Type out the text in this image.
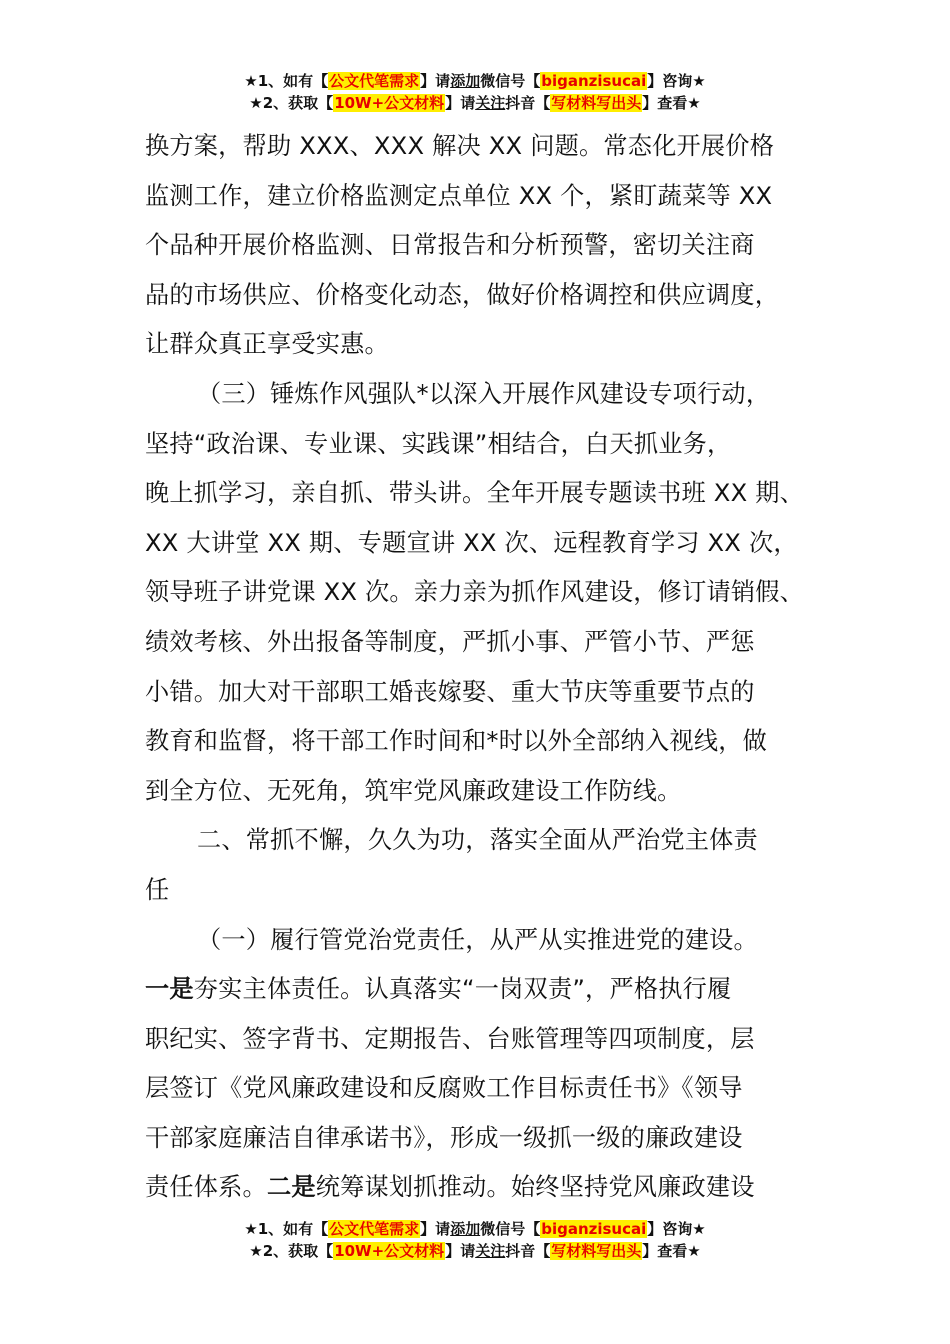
★1、如有【公文代笔需求】请添加微信号【biganzisucai】咨询★
★2、获取【10W+公文材料】请关注抖音【写材料写出头】查看★
换方案，帮助 XXX、XXX 解决 XX 问题。常态化开展价格
监测工作，建立价格监测定点单位 XX 个，紧盯蔬菜等 XX
个品种开展价格监测、日常报告和分析预警，密切关注商
品的市场供应、价格变化动态，做好价格调控和供应调度，
让群众真正享受实惠。
（三）锤炼作风强队*以深入开展作风建设专项行动，
坚持“政治课、专业课、实践课”相结合，白天抓业务，
晚上抓学习，亲自抓、带头讲。全年开展专题读书班 XX 期、
XX 大讲堂 XX 期、专题宣讲 XX 次、远程教育学习 XX 次，
领导班子讲党课 XX 次。亲力亲为抓作风建设，修订请销假、
绩效考核、外出报备等制度，严抓小事、严管小节、严惩
小错。加大对干部职工婚丧嫁娶、重大节庆等重要节点的
教育和监督，将干部工作时间和*时以外全部纳入视线，做
到全方位、无死角，筑牢党风廉政建设工作防线。
二、常抓不懈，久久为功，落实全面从严治党主体责
任
（一）履行管党治党责任，从严从实推进党的建设。
一是夯实主体责任。认真落实“一岗双责”，严格执行履
职纪实、签字背书、定期报告、台账管理等四项制度，层
层签订《党风廉政建设和反腐败工作目标责任书》《领导
干部家庭廉洁自律承诺书》，形成一级抓一级的廉政建设
责任体系。二是统筹谋划抓推动。始终坚持党风廉政建设
★1、如有【公文代笔需求】请添加微信号【biganzisucai】咨询★
★2、获取【10W+公文材料】请关注抖音【写材料写出头】查看★
